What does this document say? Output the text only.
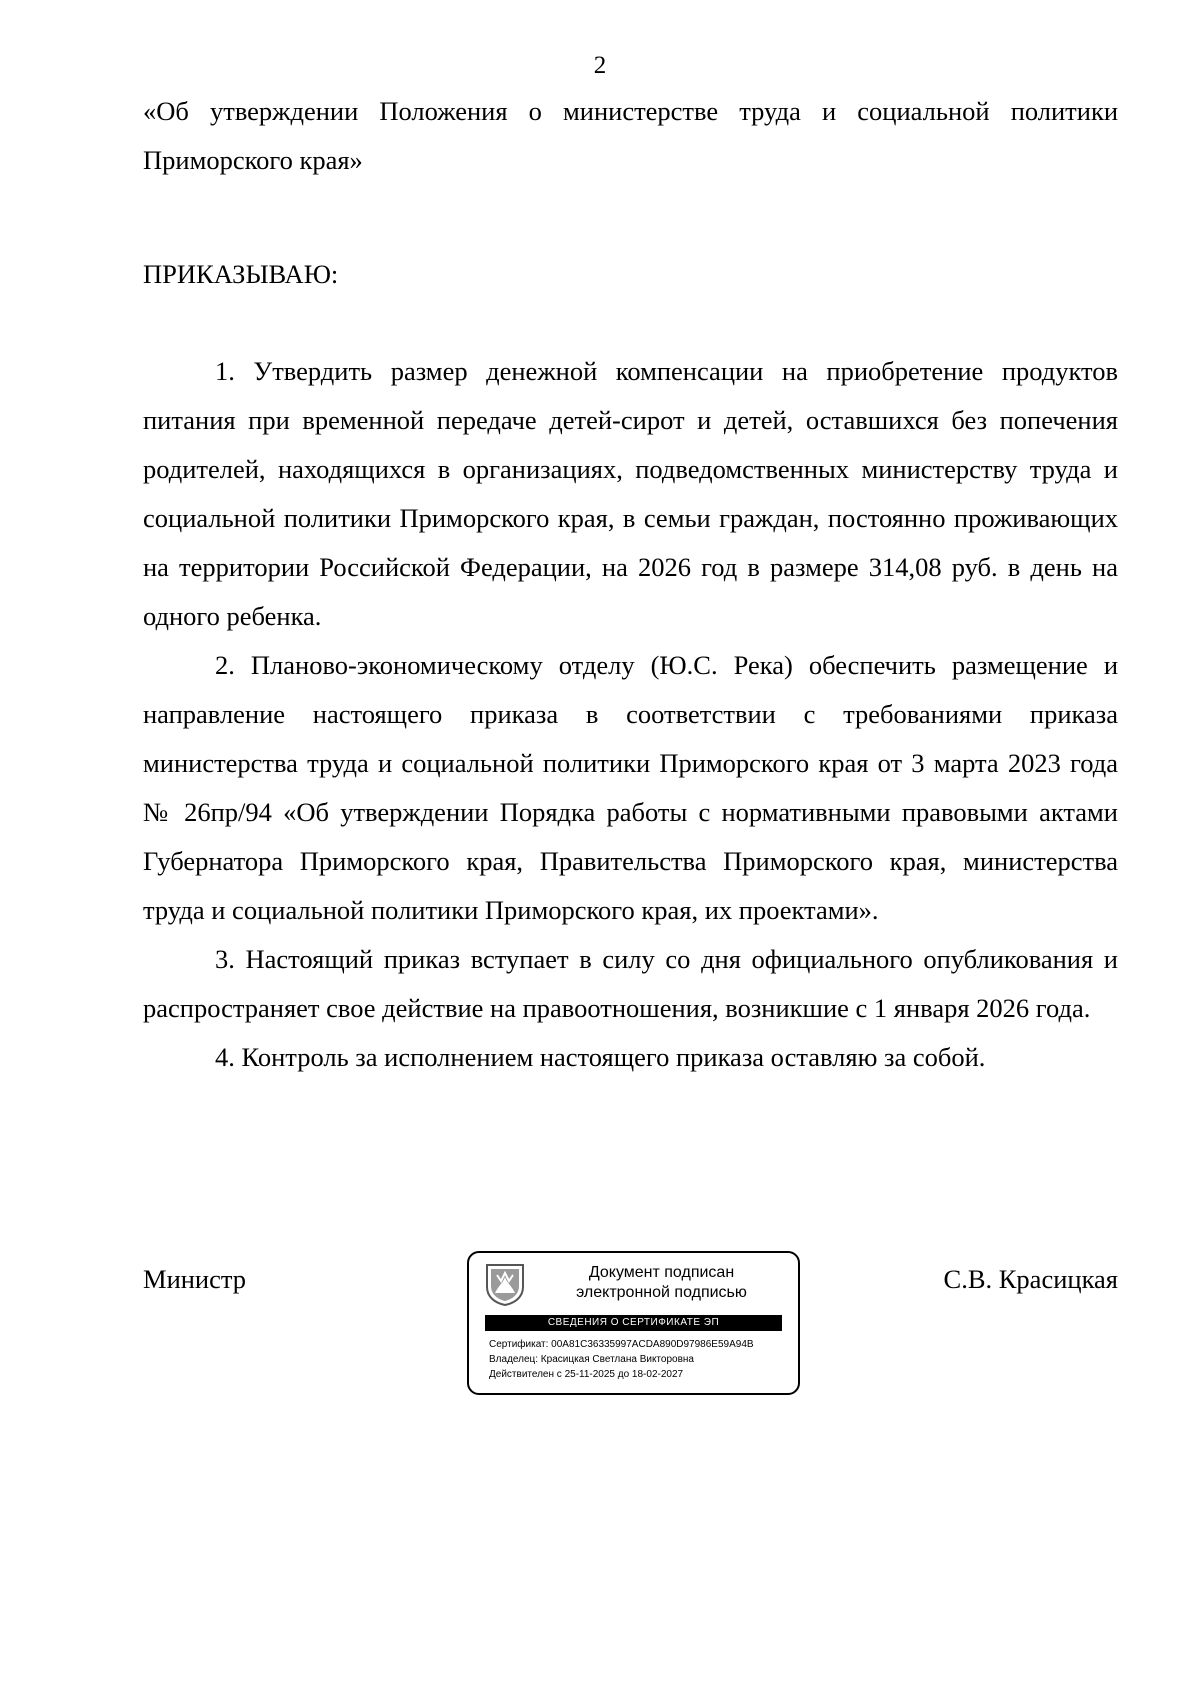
2
«Об утверждении Положения о министерстве труда и социальной политики Приморского края»
ПРИКАЗЫВАЮ:

1. Утвердить размер денежной компенсации на приобретение продуктов питания при временной передаче детей-сирот и детей, оставшихся без попечения родителей, находящихся в организациях, подведомственных министерству труда и социальной политики Приморского края, в семьи граждан, постоянно проживающих на территории Российской Федерации, на 2026 год в размере 314,08 руб. в день на одного ребенка.

2. Планово-экономическому отделу (Ю.С. Река) обеспечить размещение и направление настоящего приказа в соответствии с требованиями приказа министерства труда и социальной политики Приморского края от 3 марта 2023 года № 26пр/94 «Об утверждении Порядка работы с нормативными правовыми актами Губернатора Приморского края, Правительства Приморского края, министерства труда и социальной политики Приморского края, их проектами».

3. Настоящий приказ вступает в силу со дня официального опубликования и распространяет свое действие на правоотношения, возникшие с 1 января 2026 года.

4. Контроль за исполнением настоящего приказа оставляю за собой.

Министр	С.В. Красицкая
Документ подписан
электронной подписью
СВЕДЕНИЯ О СЕРТИФИКАТЕ ЭП
Сертификат: 00A81C36335997ACDA890D97986E59A94B
Владелец: Красицкая Светлана Викторовна
Действителен с 25-11-2025 до 18-02-2027
